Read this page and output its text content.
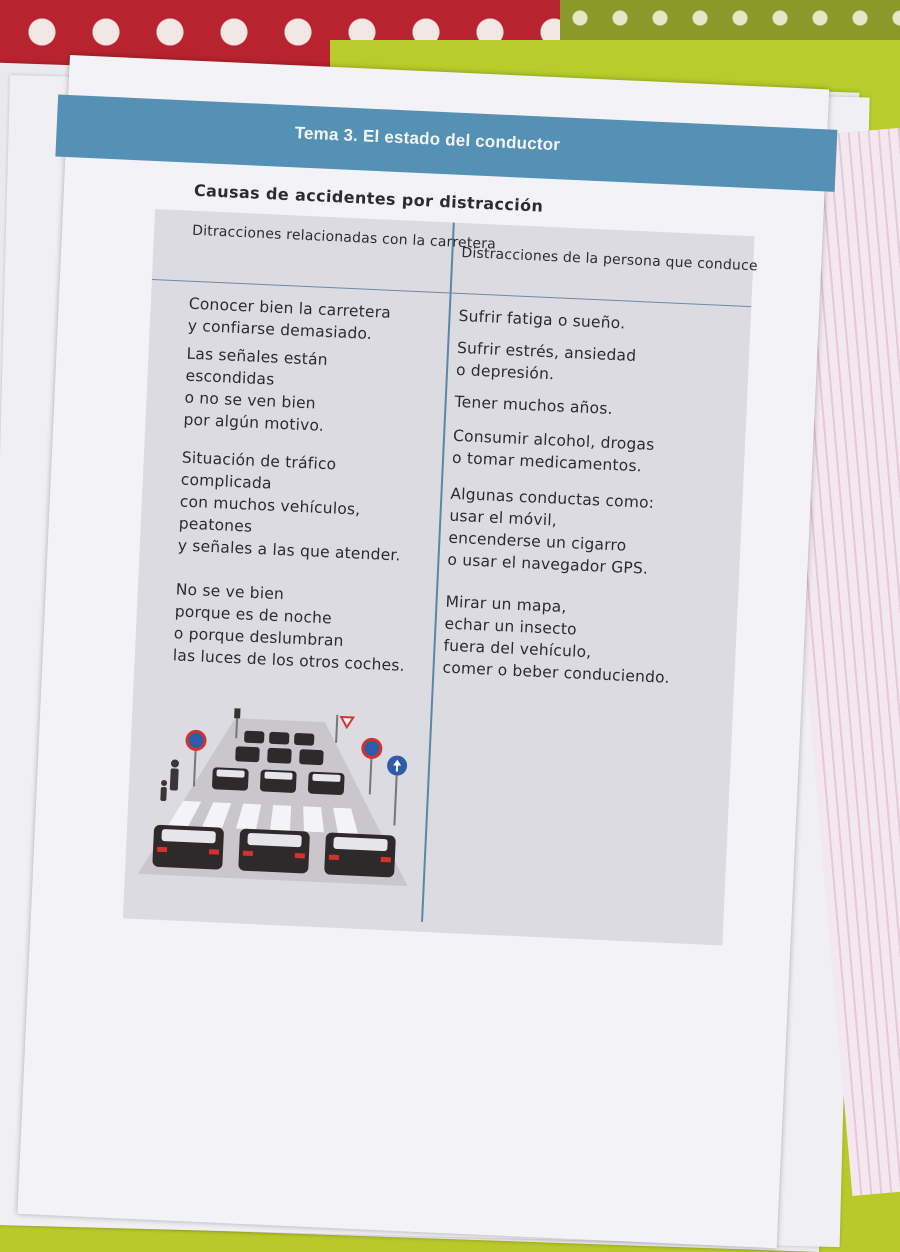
Tema 3. El estado del conductor
Causas de accidentes por distracción
Ditracciones relacionadas con la carretera
Distracciones de la persona que conduce
Conocer bien la carretera
y confiarse demasiado.
Las señales están
escondidas
o no se ven bien
por algún motivo.
Situación de tráfico
complicada
con muchos vehículos,
peatones
y señales a las que atender.
No se ve bien
porque es de noche
o porque deslumbran
las luces de los otros coches.
Sufrir fatiga o sueño.
Sufrir estrés, ansiedad
o depresión.
Tener muchos años.
Consumir alcohol, drogas
o tomar medicamentos.
Algunas conductas como:
usar el móvil,
encenderse un cigarro
o usar el navegador GPS.
Mirar un mapa,
echar un insecto
fuera del vehículo,
comer o beber conduciendo.
